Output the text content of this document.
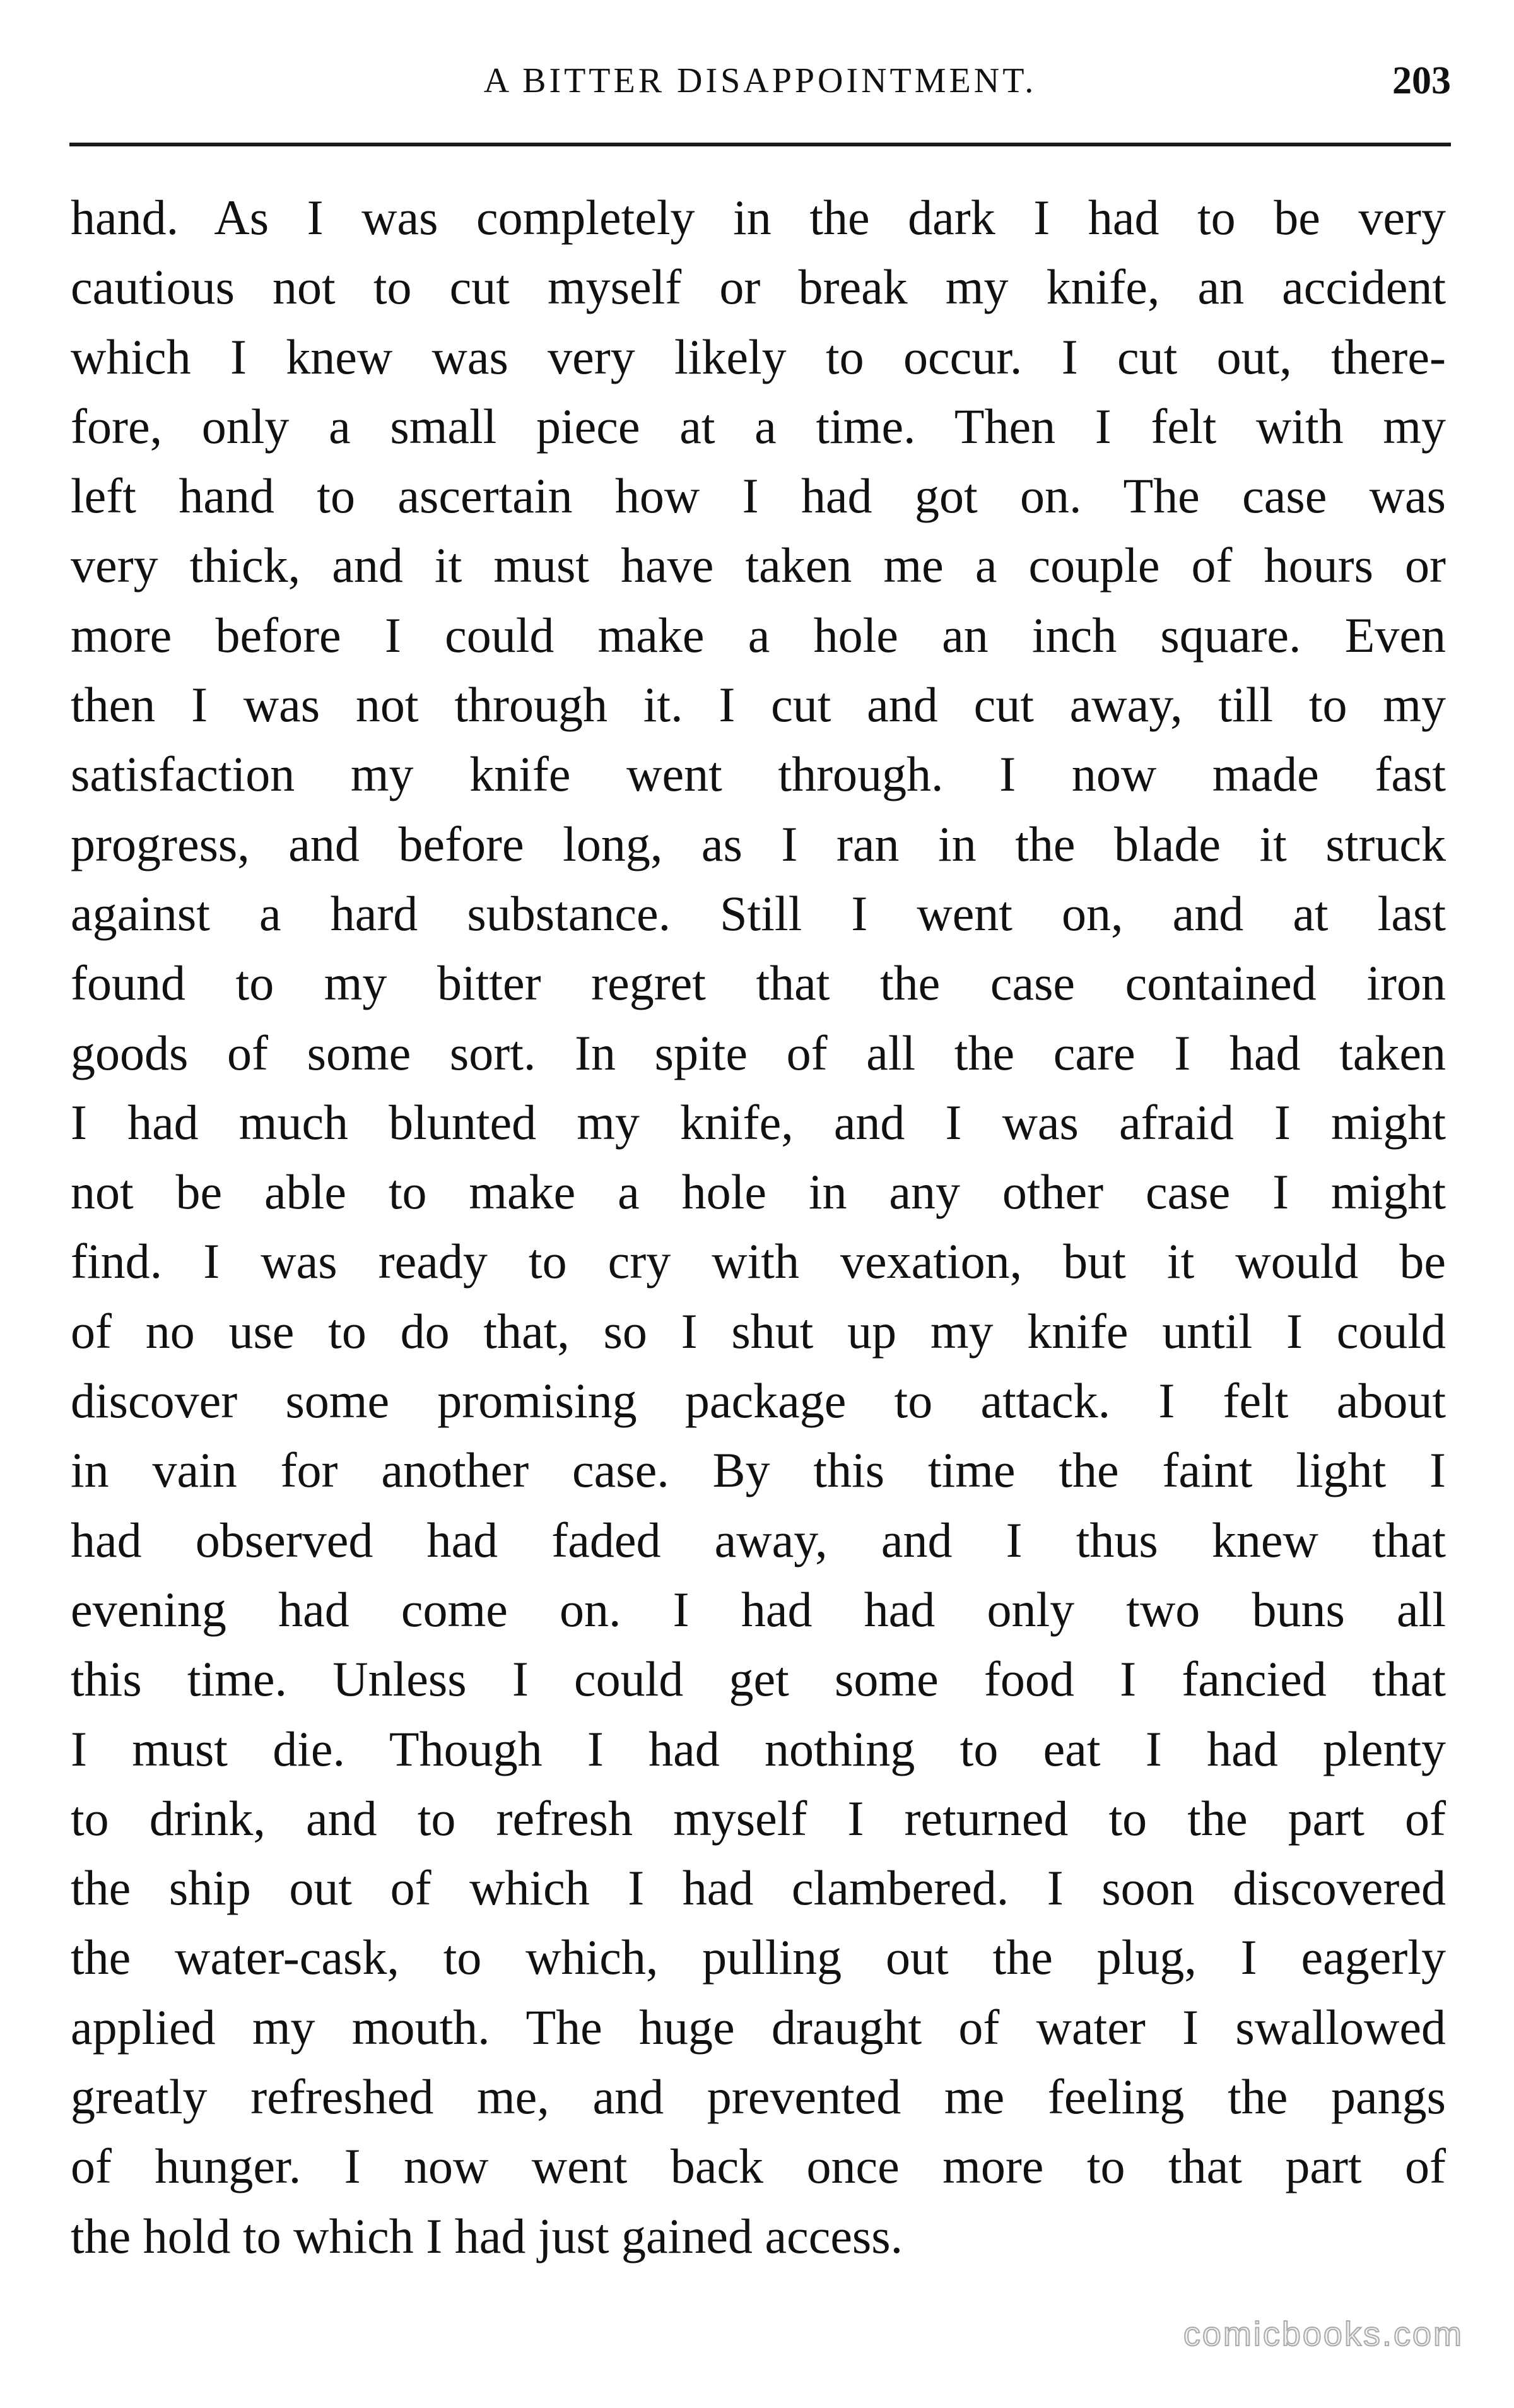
A BITTER DISAPPOINTMENT.	203
hand. As I was completely in the dark I had to be very
cautious not to cut myself or break my knife, an accident
which I knew was very likely to occur. I cut out, there-
fore, only a small piece at a time. Then I felt with my
left hand to ascertain how I had got on. The case was
very thick, and it must have taken me a couple of hours or
more before I could make a hole an inch square. Even
then I was not through it. I cut and cut away, till to my
satisfaction my knife went through. I now made fast
progress, and before long, as I ran in the blade it struck
against a hard substance. Still I went on, and at last
found to my bitter regret that the case contained iron
goods of some sort. In spite of all the care I had taken
I had much blunted my knife, and I was afraid I might
not be able to make a hole in any other case I might
find. I was ready to cry with vexation, but it would be
of no use to do that, so I shut up my knife until I could
discover some promising package to attack. I felt about
in vain for another case. By this time the faint light I
had observed had faded away, and I thus knew that
evening had come on. I had had only two buns all
this time. Unless I could get some food I fancied that
I must die. Though I had nothing to eat I had plenty
to drink, and to refresh myself I returned to the part of
the ship out of which I had clambered. I soon discovered
the water-cask, to which, pulling out the plug, I eagerly
applied my mouth. The huge draught of water I swallowed
greatly refreshed me, and prevented me feeling the pangs
of hunger. I now went back once more to that part of
the hold to which I had just gained access.
comicbooks.com
